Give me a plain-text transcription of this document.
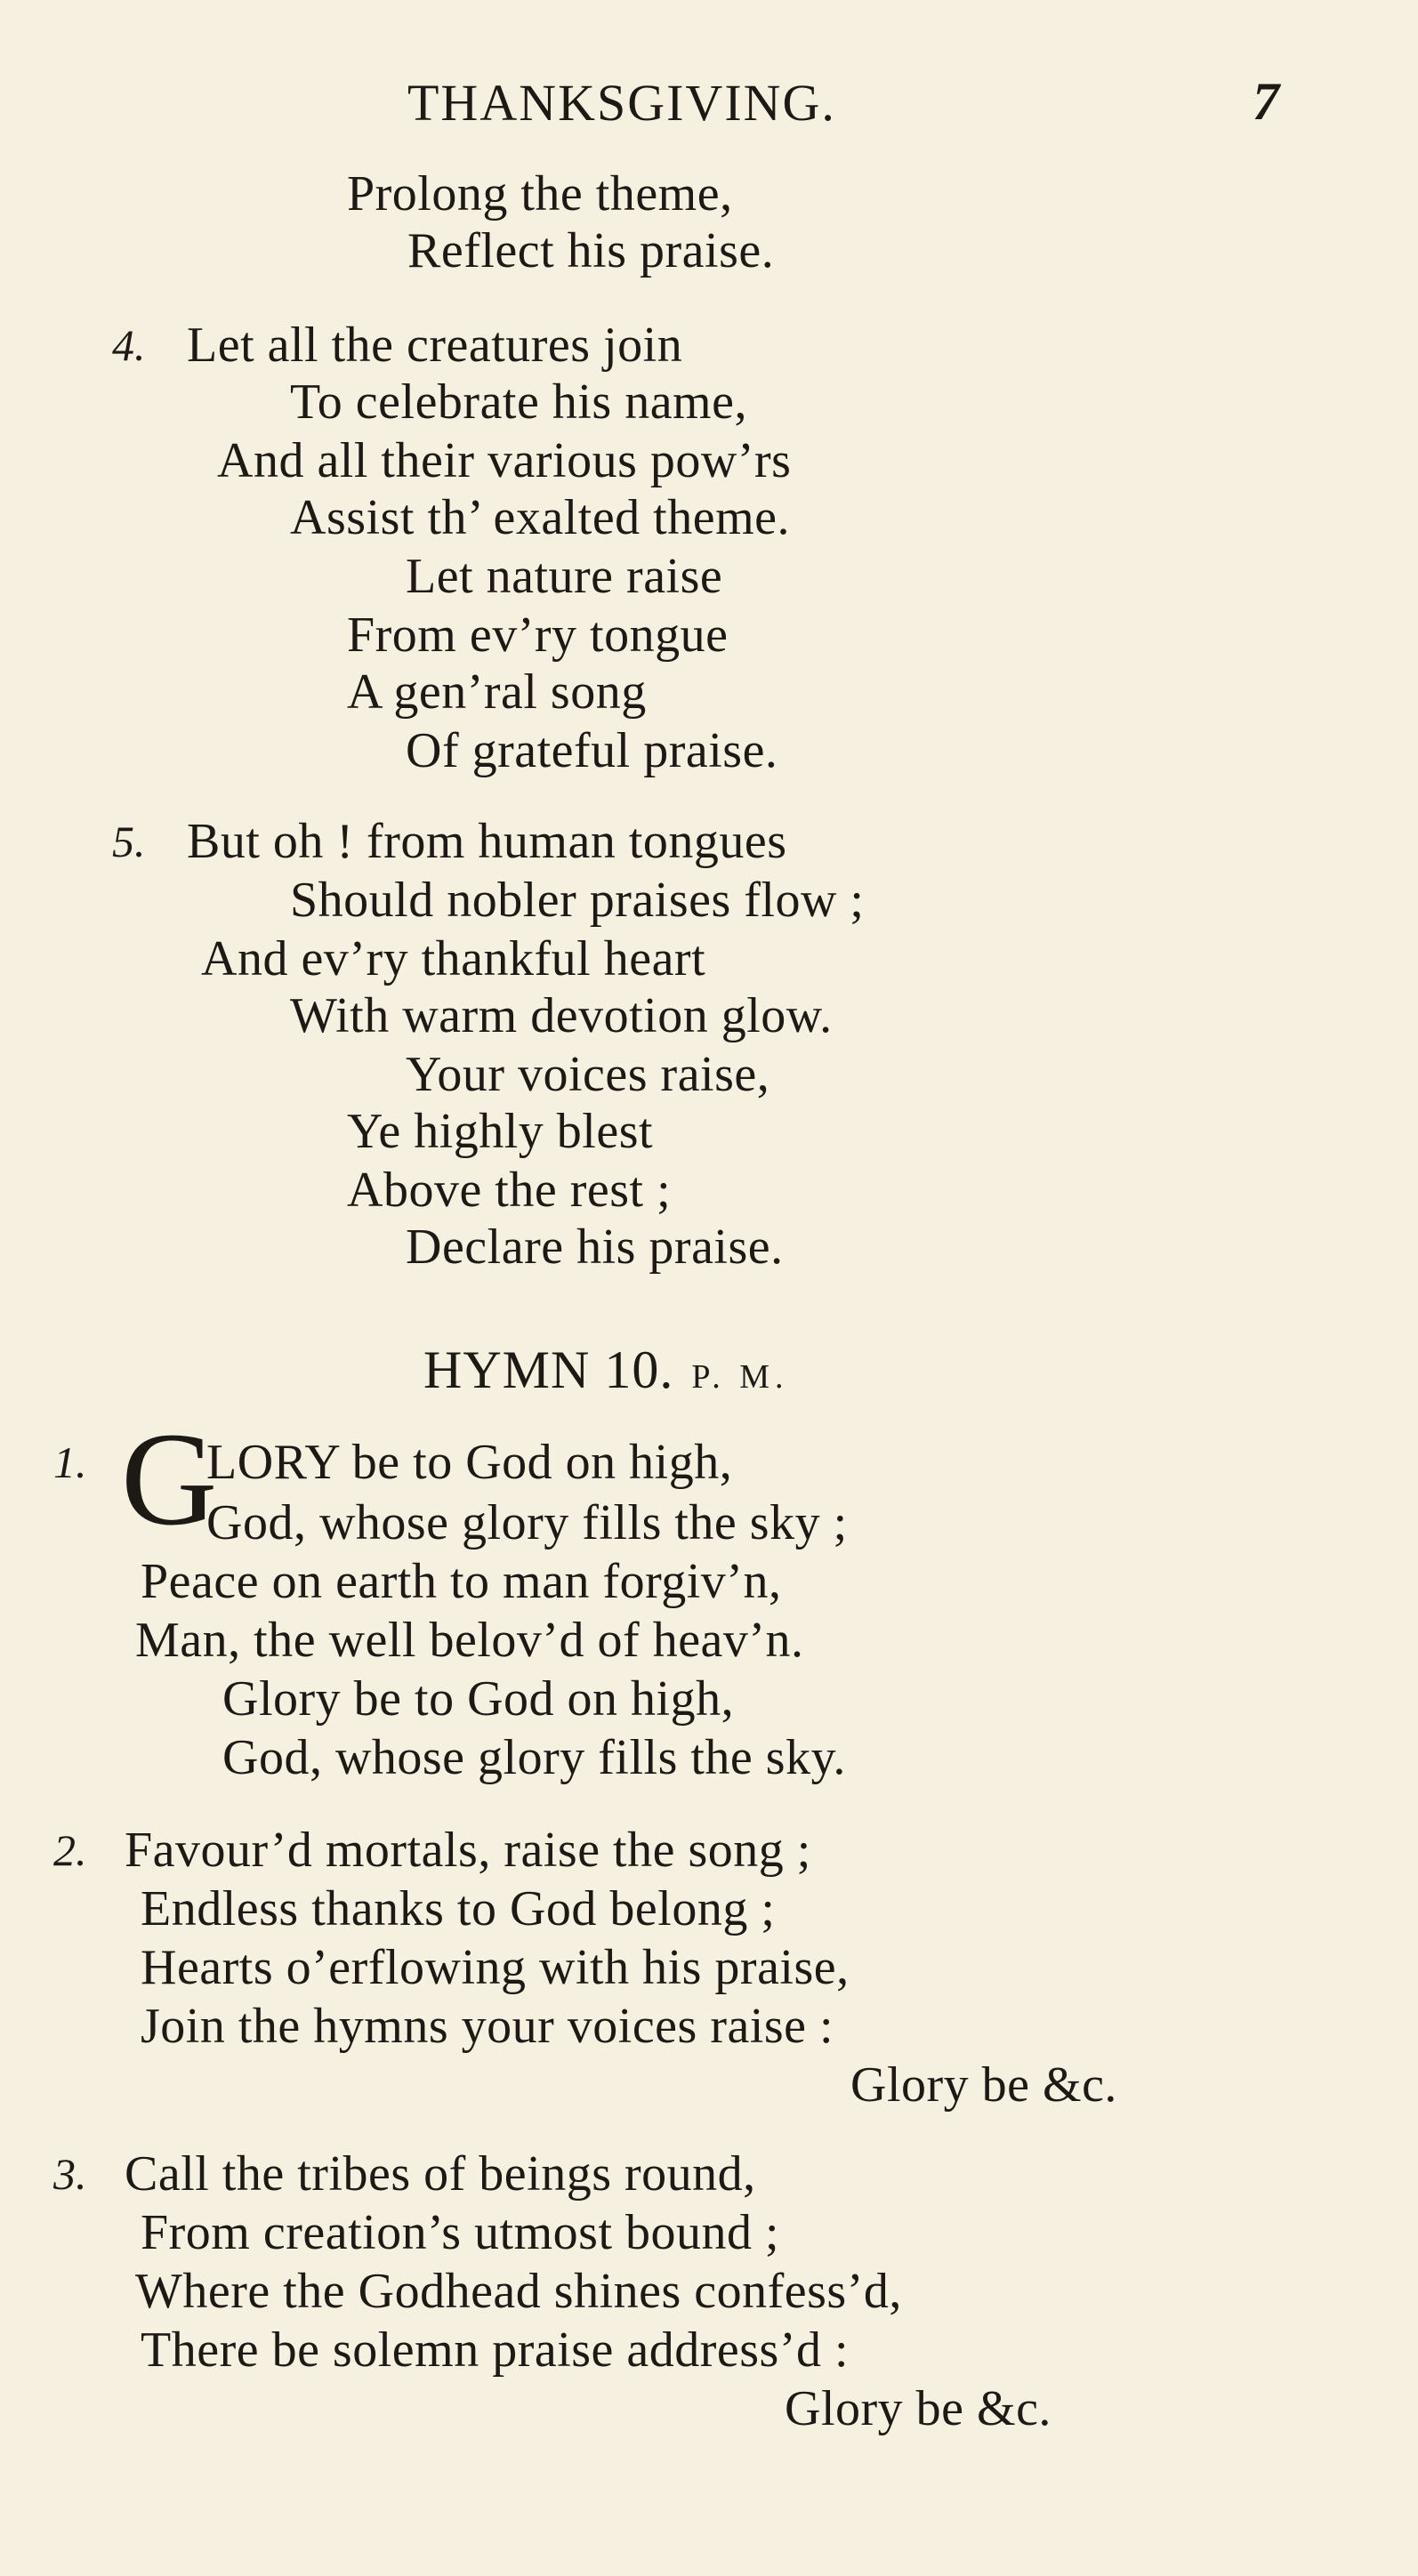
THANKSGIVING.	7
Prolong the theme,
Reflect his praise.
4. Let all the creatures join
To celebrate his name,
And all their various pow’rs
Assist th’ exalted theme.
Let nature raise
From ev’ry tongue
A gen’ral song
Of grateful praise.
5. But oh ! from human tongues
Should nobler praises flow ;
And ev’ry thankful heart
With warm devotion glow.
Your voices raise,
Ye highly blest
Above the rest ;
Declare his praise.
HYMN 10. P. M.
1. G
LORY be to God on high,
God, whose glory fills the sky ;
Peace on earth to man forgiv’n,
Man, the well belov’d of heav’n.
Glory be to God on high,
God, whose glory fills the sky.
2. Favour’d mortals, raise the song ;
Endless thanks to God belong ;
Hearts o’erflowing with his praise,
Join the hymns your voices raise :
Glory be &c.
3. Call the tribes of beings round,
From creation’s utmost bound ;
Where the Godhead shines confess’d,
There be solemn praise address’d :
Glory be &c.
